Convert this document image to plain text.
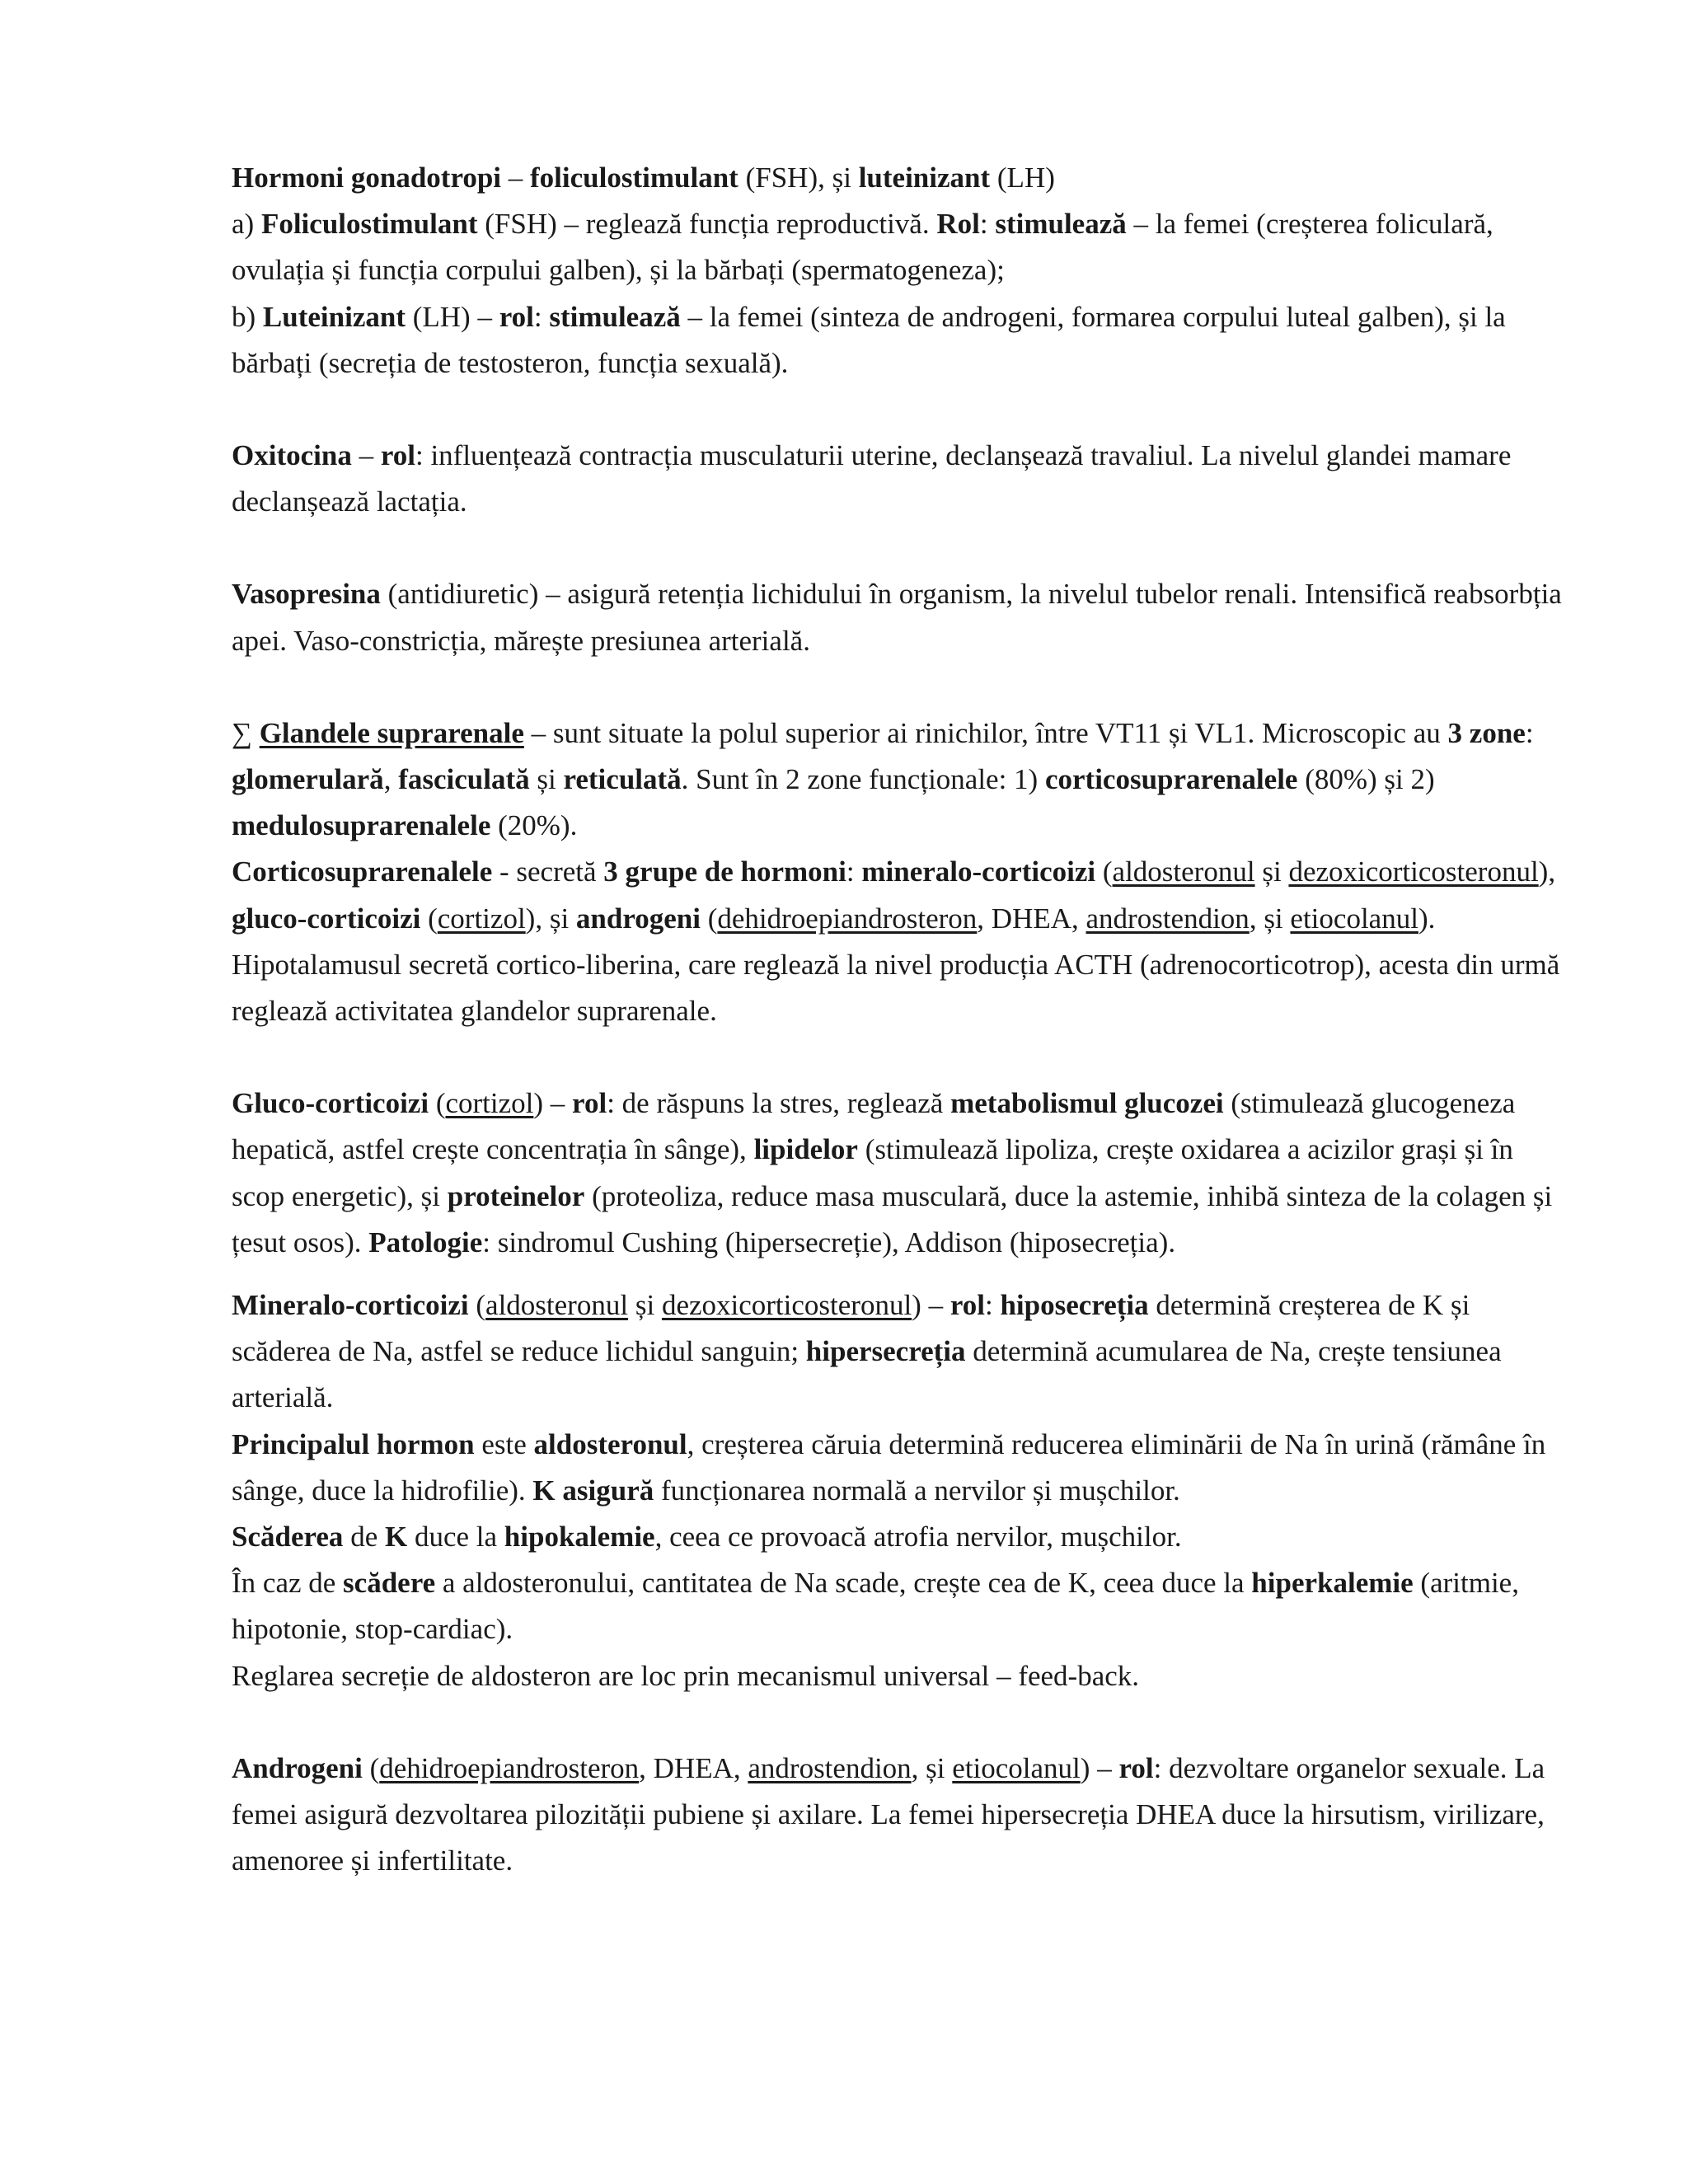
Hormoni gonadotropi – foliculostimulant (FSH), și luteinizant (LH)

a) Foliculostimulant (FSH) – reglează funcția reproductivă. Rol: stimulează – la femei (creșterea foliculară, ovulația și funcția corpului galben), și la bărbați (spermatogeneza);

b) Luteinizant (LH) – rol: stimulează – la femei (sinteza de androgeni, formarea corpului luteal galben), și la bărbați (secreția de testosteron, funcția sexuală).

Oxitocina – rol: influențează contracția musculaturii uterine, declanșează travaliul. La nivelul glandei mamare declanșează lactația.

Vasopresina (antidiuretic) – asigură retenția lichidului în organism, la nivelul tubelor renali. Intensifică reabsorbția apei. Vaso-constricția, mărește presiunea arterială.

∑ Glandele suprarenale – sunt situate la polul superior ai rinichilor, între VT11 și VL1. Microscopic au 3 zone: glomerulară, fasciculată și reticulată. Sunt în 2 zone funcționale: 1) corticosuprarenalele (80%) și 2) medulosuprarenalele (20%).

Corticosuprarenalele - secretă 3 grupe de hormoni: mineralo-corticoizi (aldosteronul și dezoxicorticosteronul), gluco-corticoizi (cortizol), și androgeni (dehidroepiandrosteron, DHEA, androstendion, și etiocolanul). Hipotalamusul secretă cortico-liberina, care reglează la nivel producția ACTH (adrenocorticotrop), acesta din urmă reglează activitatea glandelor suprarenale.

Gluco-corticoizi (cortizol) – rol: de răspuns la stres, reglează metabolismul glucozei (stimulează glucogeneza hepatică, astfel crește concentrația în sânge), lipidelor (stimulează lipoliza, crește oxidarea a acizilor grași și în scop energetic), și proteinelor (proteoliza, reduce masa musculară, duce la astemie, inhibă sinteza de la colagen și țesut osos). Patologie: sindromul Cushing (hipersecreție), Addison (hiposecreția).

Mineralo-corticoizi (aldosteronul și dezoxicorticosteronul) – rol: hiposecreția determină creșterea de K și scăderea de Na, astfel se reduce lichidul sanguin; hipersecreția determină acumularea de Na, crește tensiunea arterială.

Principalul hormon este aldosteronul, creșterea căruia determină reducerea eliminării de Na în urină (rămâne în sânge, duce la hidrofilie). K asigură funcționarea normală a nervilor și mușchilor.

Scăderea de K duce la hipokalemie, ceea ce provoacă atrofia nervilor, mușchilor.

În caz de scădere a aldosteronului, cantitatea de Na scade, crește cea de K, ceea duce la hiperkalemie (aritmie, hipotonie, stop-cardiac).

Reglarea secreție de aldosteron are loc prin mecanismul universal – feed-back.

Androgeni (dehidroepiandrosteron, DHEA, androstendion, și etiocolanul) – rol: dezvoltare organelor sexuale. La femei asigură dezvoltarea pilozității pubiene și axilare. La femei hipersecreția DHEA duce la hirsutism, virilizare, amenoree și infertilitate.
